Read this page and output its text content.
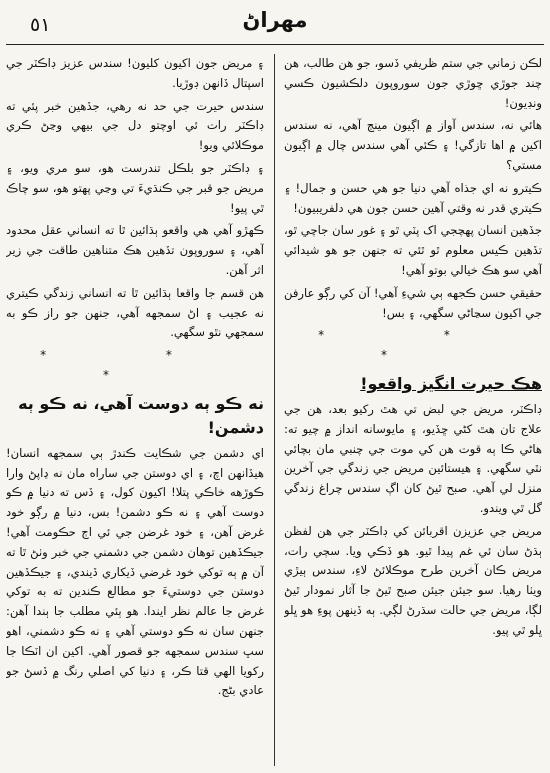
٥١	مهراڻ

لڪن زماني جي ستم ظريفي ڏسو، جو هن طالب، هن چند جوڙي ڇوڙي جون سوروپون دلڪشيون ڪسي ونڊيون!

هائي نه، سندس آواز ۾ اڳيون مينڄ آهي، نه سندس اکين ۾ اها تازگي! ۽ ڪئي آهي سندس چال ۾ اڳيون مستي؟

ڪيترو نه اي جذاه آهي دنيا جو هي حسن و جمال! ۽ ڪيتري قدر نه وقتي آهين حسن جون هي دلفريبيون!

جڏهين انسان پهچجي اک پٽي ٿو ۽ غور سان جاچي ٿو، تڏهين ڪيس معلوم ٿو ٿئي ته جنهن جو هو شيدائي آهي سو هڪ خيالي بوتو آهي!

حقيقي حسن ڪجهه ٻي شيءِ آهي! آن کي رڳو عارفن جي اکيون سڃاڻي سگهي، ۽ بس!

* * *
هڪ حيرت انگيز واقعو!

ڊاڪٽر، مريض جي لبض تي هٿ رکيو بعد، هن جي علاج تان هٿ کڻي ڇڏيو، ۽ مايوسانه انداز ۾ چيو ته: هاڻي ڪا ٻه قوت هن کي موت جي چنبي مان بچائي نٿي سگهي. ۽ هيستائين مريض جي زندگي جي آخرين منزل لي آهي. صبح ٿيڻ کان اڳ سندس چراغ زندگي گل ٿي ويندو.

مريض جي عزيزن اقربائن کي ڊاڪٽر جي هن لفظن ٻڌڻ سان ئي غم پيدا ٿيو. هو ڏڪي ويا. سڄي رات، مريض ڪان آخرين طرح موڪلائڻ لاءِ، سندس ٻيڙي ويٺا رهيا. سو جيئن جيئن صبح ٿيڻ جا آثار نمودار ٿيڻ لڳا، مريض جي حالت سڌرڻ لڳي. ٻه ڏينهن پوءِ هو ڀلو ڀلو ٿي پيو.

۽ مريض جون اکيون کليون! سندس عزيز ڊاڪٽر جي اسپتال ڏانهن ڊوڙيا.

سندس حيرت جي حد نه رهي، جڏهين خبر پئي ته ڊاڪٽر رات ئي اوچتو دل جي بيهي وڃڻ ڪري موڪلائي ويو!

۽ ڊاڪٽر جو بلڪل تندرست هو، سو مري ويو، ۽ مريض جو قبر جي ڪنڌيءَ تي وڃي پهتو هو، سو چاڪ ٿي پيو!

ڪهڙو آهي هي واقعو ٻڌائين ٿا ته انساني عقل محدود آهي، ۽ سوروپون تڏهين هڪ متناهين طاقت جي زير اثر آهن.

هن قسم جا واقعا ٻڌائين ٿا ته انساني زندگي ڪيتري نه عجيب ۽ اڻ سمجهه آهي، جنهن جو راز ڪو به سمجهي نٿو سگهي.

* * *
نه ڪو ٻه دوست آهي، نه ڪو ٻه دشمن!

اي دشمن جي شڪايت ڪندڙ ٻي سمجهه انسان! هيڏانهن اچ، ۽ اي دوستن جي ساراه مان نه ڍاپڻ وارا ڪوڙهه خاڪي پتلا! اکيون کول، ۽ ڏس ته دنيا ۾ ڪو دوست آهي ۽ نه ڪو دشمن! بس، دنيا ۾ رڳو خود غرض آهن، ۽ خود غرضن جي ئي اڄ حڪومت آهي! جيڪڏهين توهان دشمن جي دشمني جي خبر وٺڻ ٿا ته آن ۾ ٻه توکي خود غرضي ڏيکاري ڏيندي، ۽ جيڪڏهين دوستن جي دوستيءَ جو مطالع ڪندين ته به توکي غرض جا عالم نظر ايندا. هو ٻئي مطلب جا ٻندا آهن: جنهن سان نه ڪو دوستي آهي ۽ نه ڪو دشمني، اهو سڀ سندس سمجهه جو قصور آهي. اکين ان اٽڪا جا رکويا الهي قتا ڪر، ۽ دنيا کي اصلي رنگ ۾ ڏسڻ جو عادي بڻج.
